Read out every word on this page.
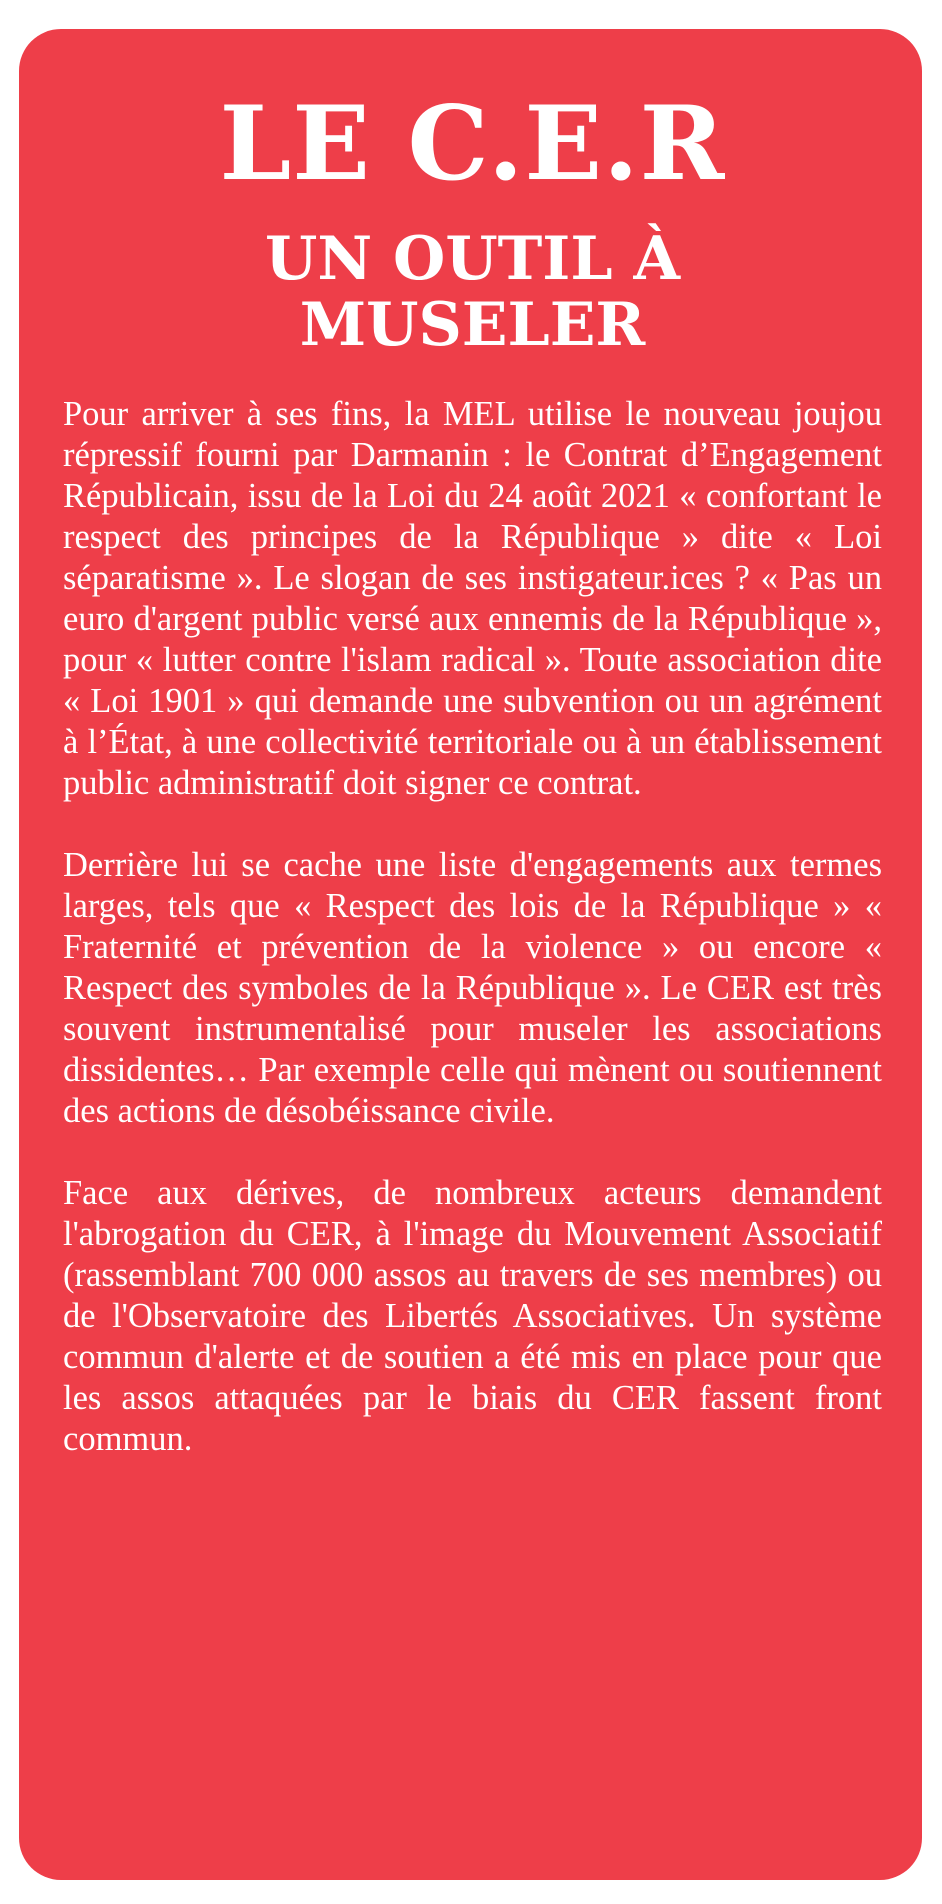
LE C.E.R
UN OUTIL À MUSELER

Pour arriver à ses fins, la MEL utilise le nouveau joujou répressif fourni par Darmanin : le Contrat d’Engagement Républicain, issu de la Loi du 24 août 2021 « confortant le respect des principes de la République » dite « Loi séparatisme ». Le slogan de ses instigateur.ices ? « Pas un euro d'argent public versé aux ennemis de la République », pour « lutter contre l'islam radical ». Toute association dite « Loi 1901 » qui demande une subvention ou un agrément à l’État, à une collectivité territoriale ou à un établissement public administratif doit signer ce contrat.

Derrière lui se cache une liste d'engagements aux termes larges, tels que « Respect des lois de la République » « Fraternité et prévention de la violence » ou encore « Respect des symboles de la République ». Le CER est très souvent instrumentalisé pour museler les associations dissidentes… Par exemple celle qui mènent ou soutiennent des actions de désobéissance civile.

Face aux dérives, de nombreux acteurs demandent l'abrogation du CER, à l'image du Mouvement Associatif (rassemblant 700 000 assos au travers de ses membres) ou de l'Observatoire des Libertés Associatives. Un système commun d'alerte et de soutien a été mis en place pour que les assos attaquées par le biais du CER fassent front commun.
